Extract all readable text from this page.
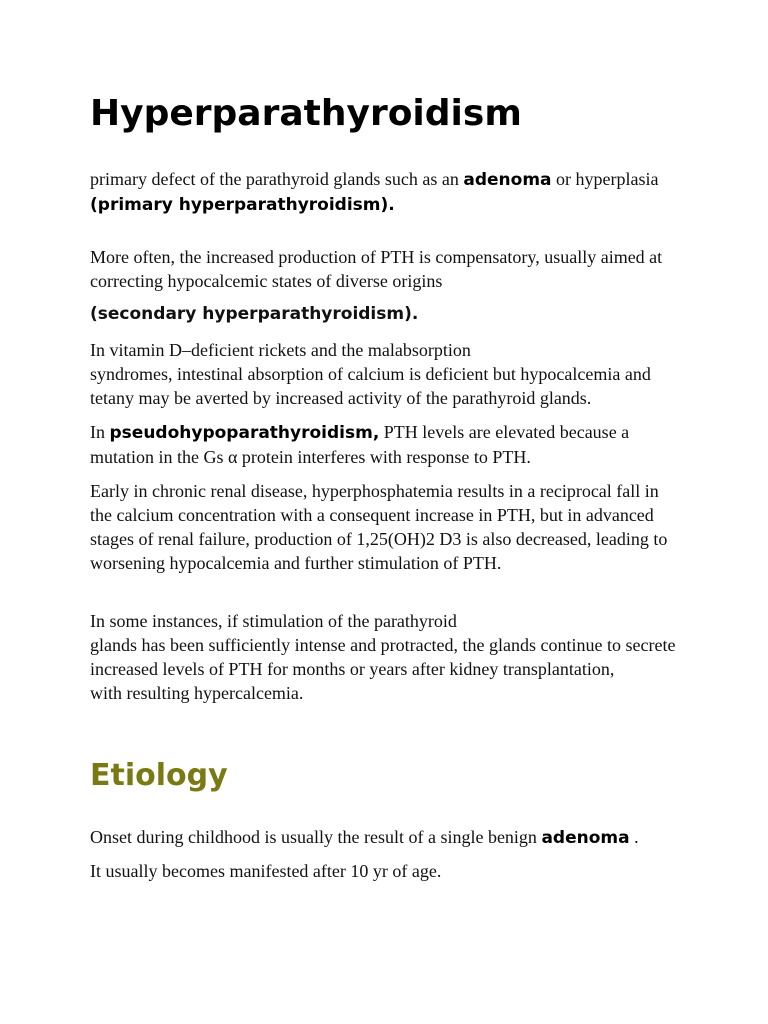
Hyperparathyroidism

primary defect of the parathyroid glands such as an adenoma or hyperplasia (primary hyperparathyroidism).

More often, the increased production of PTH is compensatory, usually aimed at correcting hypocalcemic states of diverse origins

(secondary hyperparathyroidism).

In vitamin D–deficient rickets and the malabsorption

syndromes, intestinal absorption of calcium is deficient but hypocalcemia and tetany may be averted by increased activity of the parathyroid glands.

In pseudohypoparathyroidism, PTH levels are elevated because a mutation in the Gs α protein interferes with response to PTH.

Early in chronic renal disease, hyperphosphatemia results in a reciprocal fall in the calcium concentration with a consequent increase in PTH, but in advanced stages of renal failure, production of 1,25(OH)2 D3 is also decreased, leading to worsening hypocalcemia and further stimulation of PTH.

In some instances, if stimulation of the parathyroid

glands has been sufficiently intense and protracted, the glands continue to secrete increased levels of PTH for months or years after kidney transplantation,

with resulting hypercalcemia.

Etiology

Onset during childhood is usually the result of a single benign adenoma .

It usually becomes manifested after 10 yr of age.
